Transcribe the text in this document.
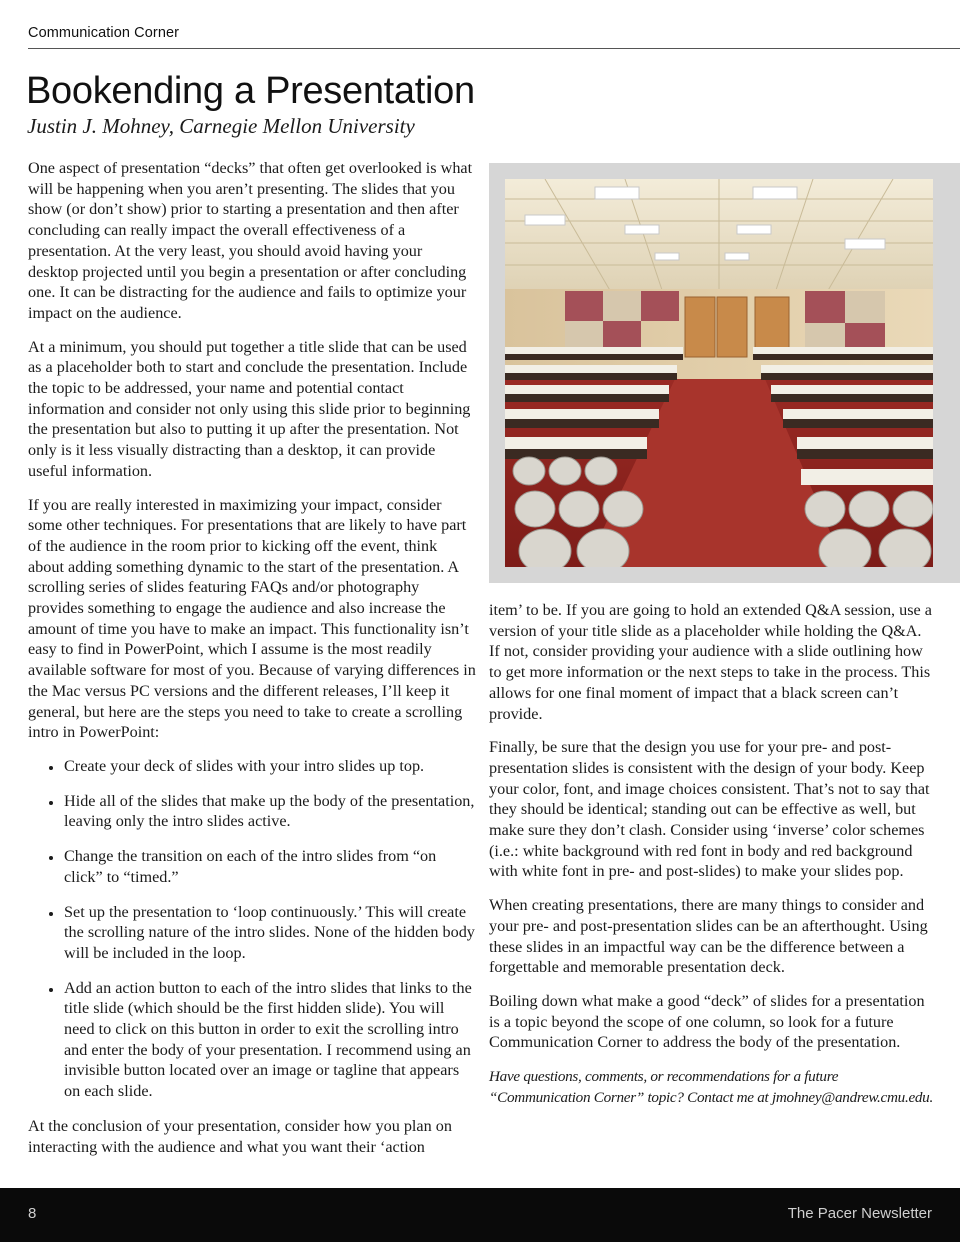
Communication Corner
Bookending a Presentation
Justin J. Mohney, Carnegie Mellon University

One aspect of presentation “decks” that often get overlooked is what will be happening when you aren’t presenting. The slides that you show (or don’t show) prior to starting a presentation and then after concluding can really impact the overall effectiveness of a presentation. At the very least, you should avoid having your desktop projected until you begin a presentation or after concluding one. It can be distracting for the audience and fails to optimize your impact on the audience.

At a minimum, you should put together a title slide that can be used as a placeholder both to start and conclude the presentation. Include the topic to be addressed, your name and potential contact information and consider not only using this slide prior to beginning the presentation but also to putting it up after the presentation. Not only is it less visually distracting than a desktop, it can provide useful information.

If you are really interested in maximizing your impact, consider some other techniques. For presentations that are likely to have part of the audience in the room prior to kicking off the event, think about adding something dynamic to the start of the presentation. A scrolling series of slides featuring FAQs and/or photography provides something to engage the audience and also increase the amount of time you have to make an impact. This functionality isn’t easy to find in PowerPoint, which I assume is the most readily available software for most of you. Because of varying differences in the Mac versus PC versions and the different releases, I’ll keep it general, but here are the steps you need to take to create a scrolling intro in PowerPoint:

• Create your deck of slides with your intro slides up top.
• Hide all of the slides that make up the body of the presentation, leaving only the intro slides active.
• Change the transition on each of the intro slides from “on click” to “timed.”
• Set up the presentation to ‘loop continuously.’ This will create the scrolling nature of the intro slides. None of the hidden body will be included in the loop.
• Add an action button to each of the intro slides that links to the title slide (which should be the first hidden slide). You will need to click on this button in order to exit the scrolling intro and enter the body of your presentation. I recommend using an invisible button located over an image or tagline that appears on each slide.

At the conclusion of your presentation, consider how you plan on interacting with the audience and what you want their ‘action

item’ to be. If you are going to hold an extended Q&A session, use a version of your title slide as a placeholder while holding the Q&A. If not, consider providing your audience with a slide outlining how to get more information or the next steps to take in the process. This allows for one final moment of impact that a black screen can’t provide.

Finally, be sure that the design you use for your pre- and post-presentation slides is consistent with the design of your body. Keep your color, font, and image choices consistent. That’s not to say that they should be identical; standing out can be effective as well, but make sure they don’t clash. Consider using ‘inverse’ color schemes (i.e.: white background with red font in body and red background with white font in pre- and post-slides) to make your slides pop.

When creating presentations, there are many things to consider and your pre- and post-presentation slides can be an afterthought. Using these slides in an impactful way can be the difference between a forgettable and memorable presentation deck.

Boiling down what make a good “deck” of slides for a presentation is a topic beyond the scope of one column, so look for a future Communication Corner to address the body of the presentation.

Have questions, comments, or recommendations for a future “Communication Corner” topic? Contact me at jmohney@andrew.cmu.edu.

8	The Pacer Newsletter
